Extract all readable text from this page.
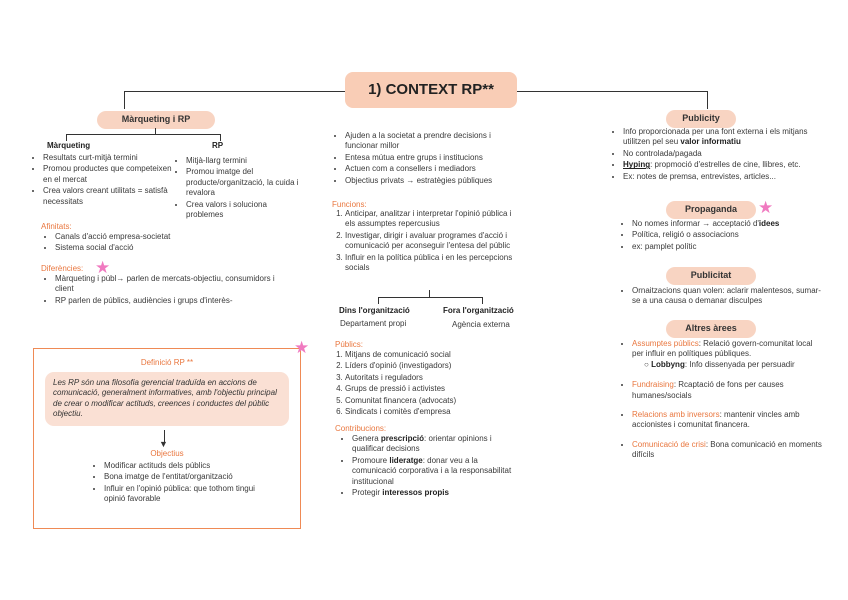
1) CONTEXT RP**
Màrqueting i RP
Màrqueting
• Resultats curt-mitjà termini
• Promou productes que competeixen en el mercat
• Crea valors creant utilitats = satisfà necessitats
RP
• Mitjà-llarg termini
• Promou imatge del producte/organització, la cuida i revalora
• Crea valors i soluciona problemes
Afinitats:
• Canals d'acció empresa-societat
• Sistema social d'acció
Diferències: ★
• Màrqueting i públ→ parlen de mercats-objectiu, consumidors i client
• RP parlen de públics, audiències i grups d'interès-
★
Definició RP **
Les RP són una filosofia gerencial traduïda en accions de comunicació, generalment informatives, amb l'objectiu principal de crear o modificar actituds, creences i conductes del públic objectiu.
▼
Objectius
• Modificar actituds dels públics
• Bona imatge de l'entitat/organització
• Influir en l'opinió pública: que tothom tingui opinió favorable
• Ajuden a la societat a prendre decisions i funcionar millor
• Entesa mútua entre grups i institucions
• Actuen com a consellers i mediadors
• Objectius privats → estratègies públiques
Funcions:
1. Anticipar, analitzar i interpretar l'opinió pública i els assumptes repercusius
2. Investigar, dirigir i avaluar programes d'acció i comunicació per aconseguir l'entesa del públic
3. Influir en la política pública i en les percepcions socials
Dins l'organització
Departament propi
Fora l'organització
Agència externa
Públics:
1. Mitjans de comunicació social
2. Líders d'opinió (investigadors)
3. Autoritats i reguladors
4. Grups de pressió i activistes
5. Comunitat financera (advocats)
6. Sindicats i comitès d'empresa
Contribucions:
• Genera prescripció: orientar opinions i qualificar decisions
• Promoure lideratge: donar veu a la comunicació corporativa i a la responsabilitat institucional
• Protegir interessos propis
Publicity
• Info proporcionada per una font externa i els mitjans utilitzen pel seu valor informatiu
• No controlada/pagada
• Hyping: propmoció d'estrelles de cine, llibres, etc.
• Ex: notes de premsa, entrevistes, articles...
Propaganda	★
• No nomes informar → acceptació d'idees
• Política, religió o associacions
• ex: pamplet polític
Publicitat
• Ornaitzacions quan volen: aclarir malentesos, sumar-se a una causa o demanar disculpes
Altres àrees
• Assumptes públics: Relació govern-comunitat local per influir en polítiques públiques.
○ Lobbyng: Info dissenyada per persuadir
• Fundraising: Rcaptació de fons per causes humanes/socials
• Relacions amb inversors: mantenir vincles amb accionistes i comunitat financera.
• Comunicació de crisi: Bona comunicació en moments difícils
